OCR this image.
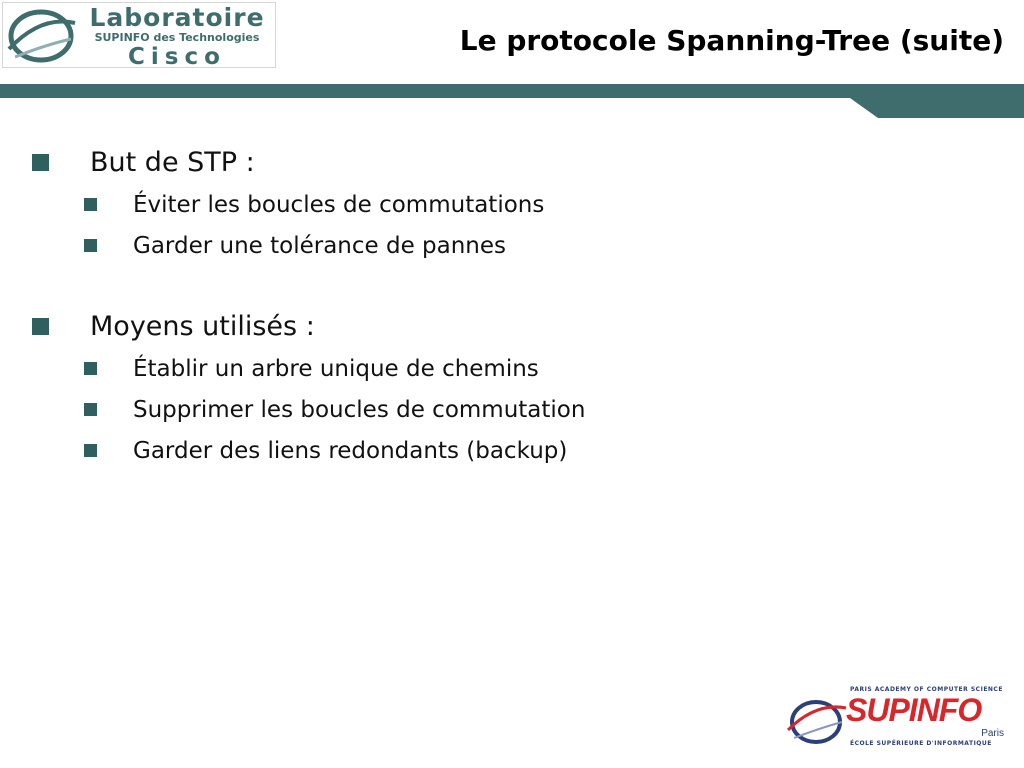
Laboratoire
SUPINFO des Technologies
Cisco	Le protocole Spanning-Tree (suite)
But de STP :
Éviter les boucles de commutations
Garder une tolérance de pannes
Moyens utilisés :
Établir un arbre unique de chemins
Supprimer les boucles de commutation
Garder des liens redondants (backup)
PARIS ACADEMY OF COMPUTER SCIENCE
SUPINFO
Paris
ÉCOLE SUPÉRIEURE D'INFORMATIQUE
